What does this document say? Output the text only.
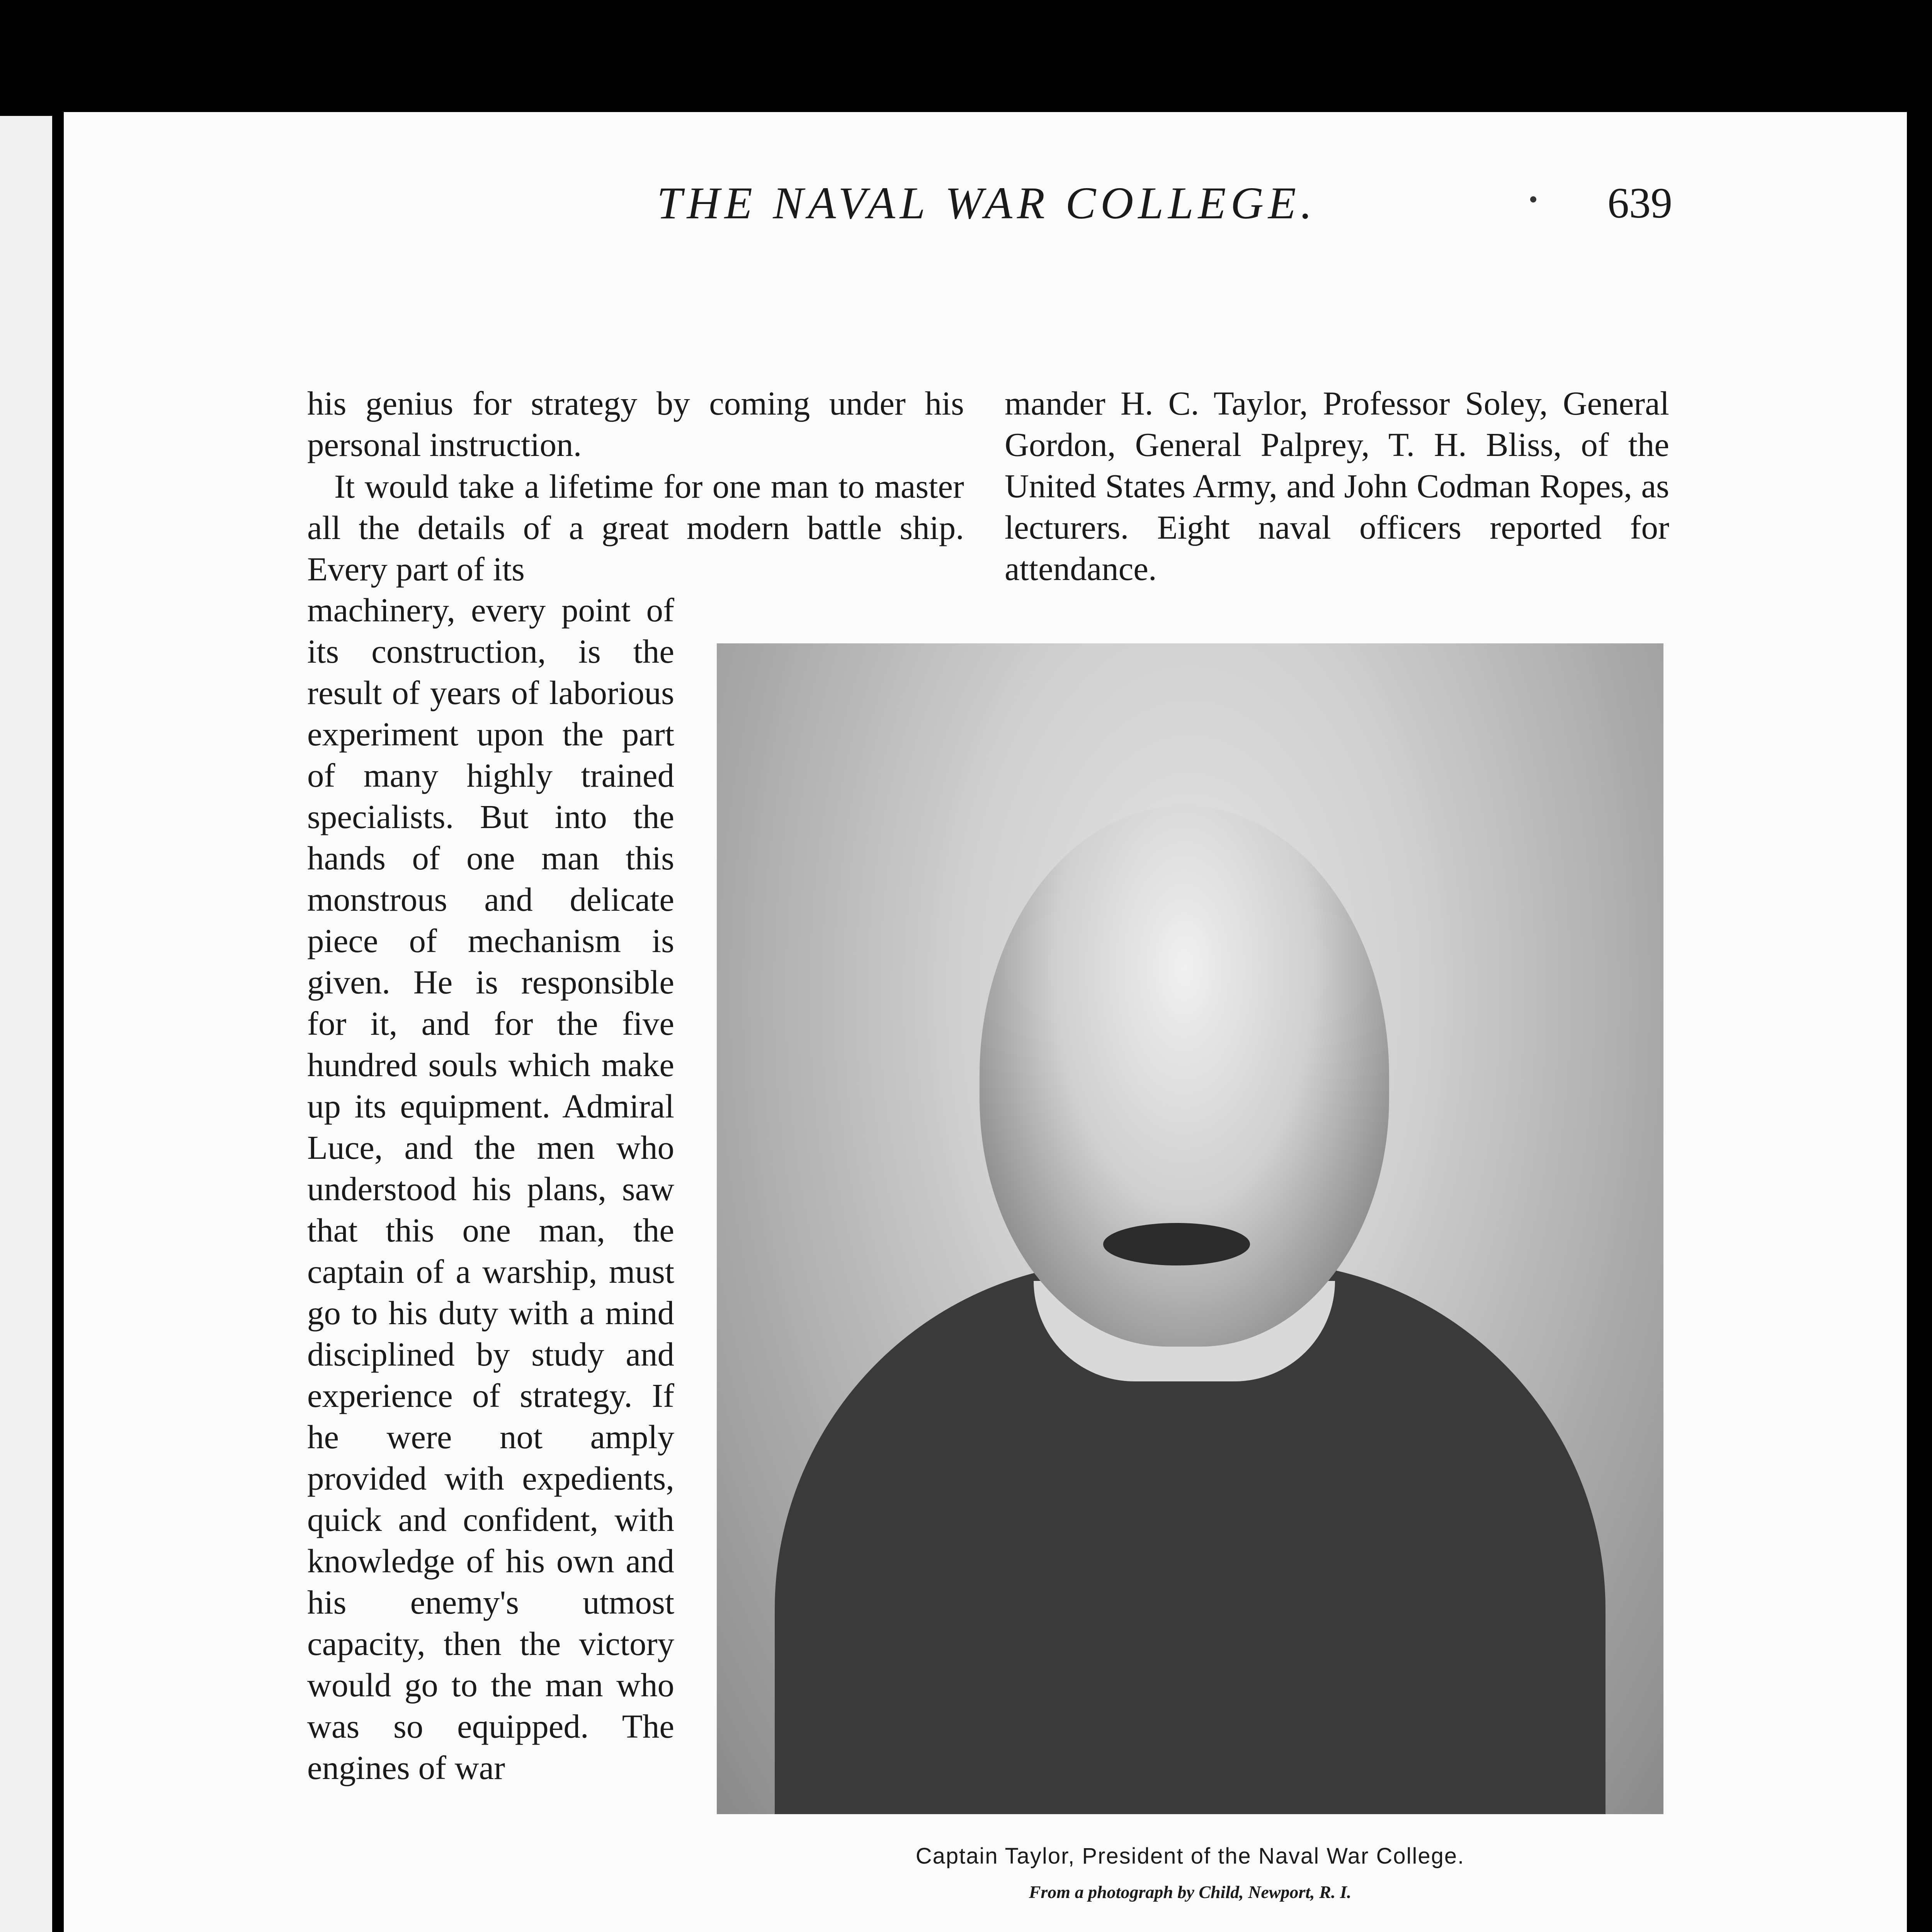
THE NAVAL WAR COLLEGE.	639

his genius for strategy by coming under his personal instruction.

It would take a lifetime for one man to master all the details of a great modern battle ship. Every part of its

machinery, every point of its construction, is the result of years of laborious experiment upon the part of many highly trained specialists. But into the hands of one man this monstrous and delicate piece of mechanism is given. He is responsible for it, and for the five hundred souls which make up its equipment. Admiral Luce, and the men who understood his plans, saw that this one man, the captain of a warship, must go to his duty with a mind disciplined by study and experience of strategy. If he were not amply provided with expedients, quick and confident, with knowledge of his own and his enemy's utmost capacity, then the victory would go to the man who was so equipped. The engines of war

mander H. C. Taylor, Professor Soley, General Gordon, General Palprey, T. H. Bliss, of the United States Army, and John Codman Ropes, as lecturers. Eight naval officers reported for attendance.

Captain Taylor, President of the Naval War College.
From a photograph by Child, Newport, R. I.
